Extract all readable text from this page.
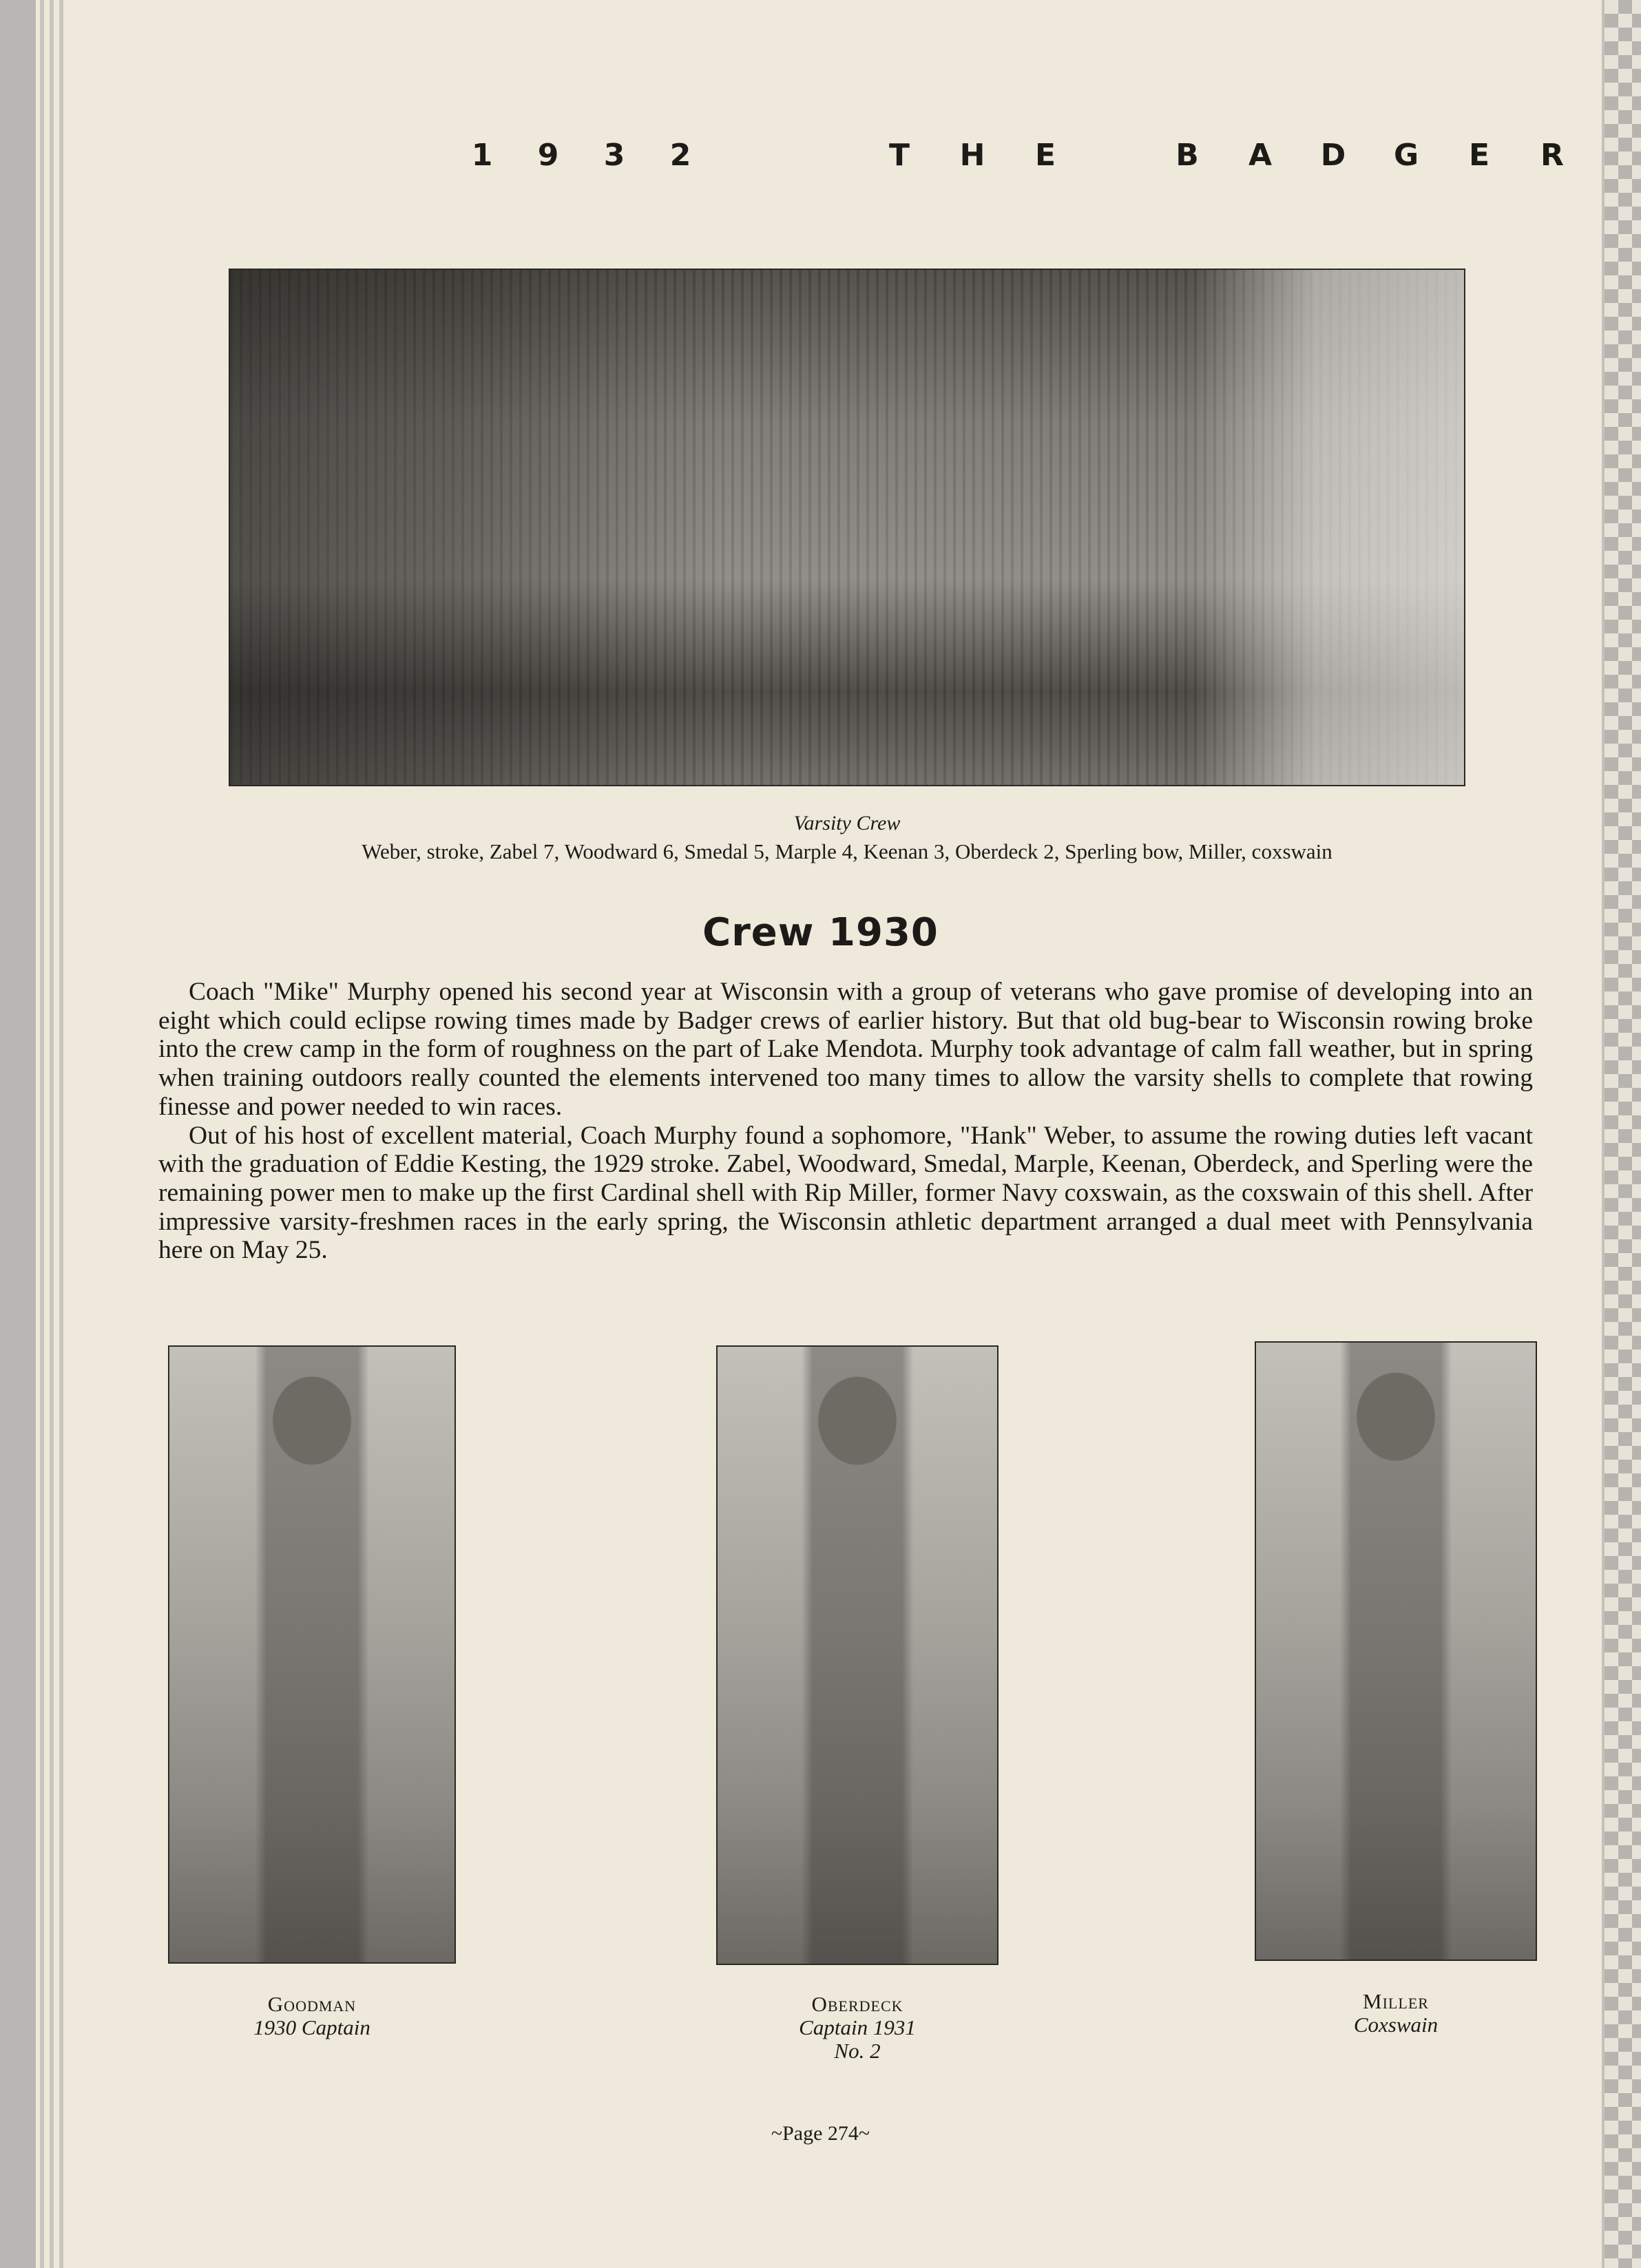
1 9 3 2	T H E	B A D G E R
Varsity Crew
Weber, stroke, Zabel 7, Woodward 6, Smedal 5, Marple 4, Keenan 3, Oberdeck 2, Sperling bow, Miller, coxswain
Crew 1930

Coach "Mike" Murphy opened his second year at Wisconsin with a group of veterans who gave promise of developing into an eight which could eclipse rowing times made by Badger crews of earlier history. But that old bug-bear to Wisconsin rowing broke into the crew camp in the form of roughness on the part of Lake Mendota. Murphy took advantage of calm fall weather, but in spring when training outdoors really counted the elements intervened too many times to allow the varsity shells to complete that rowing finesse and power needed to win races.

Out of his host of excellent material, Coach Murphy found a sophomore, "Hank" Weber, to assume the rowing duties left vacant with the graduation of Eddie Kesting, the 1929 stroke. Zabel, Woodward, Smedal, Marple, Keenan, Oberdeck, and Sperling were the remaining power men to make up the first Cardinal shell with Rip Miller, former Navy coxswain, as the coxswain of this shell. After impressive varsity-freshmen races in the early spring, the Wisconsin athletic department arranged a dual meet with Pennsylvania here on May 25.

Goodman
1930 Captain
Oberdeck
Captain 1931
No. 2
Miller
Coxswain
~Page 274~
